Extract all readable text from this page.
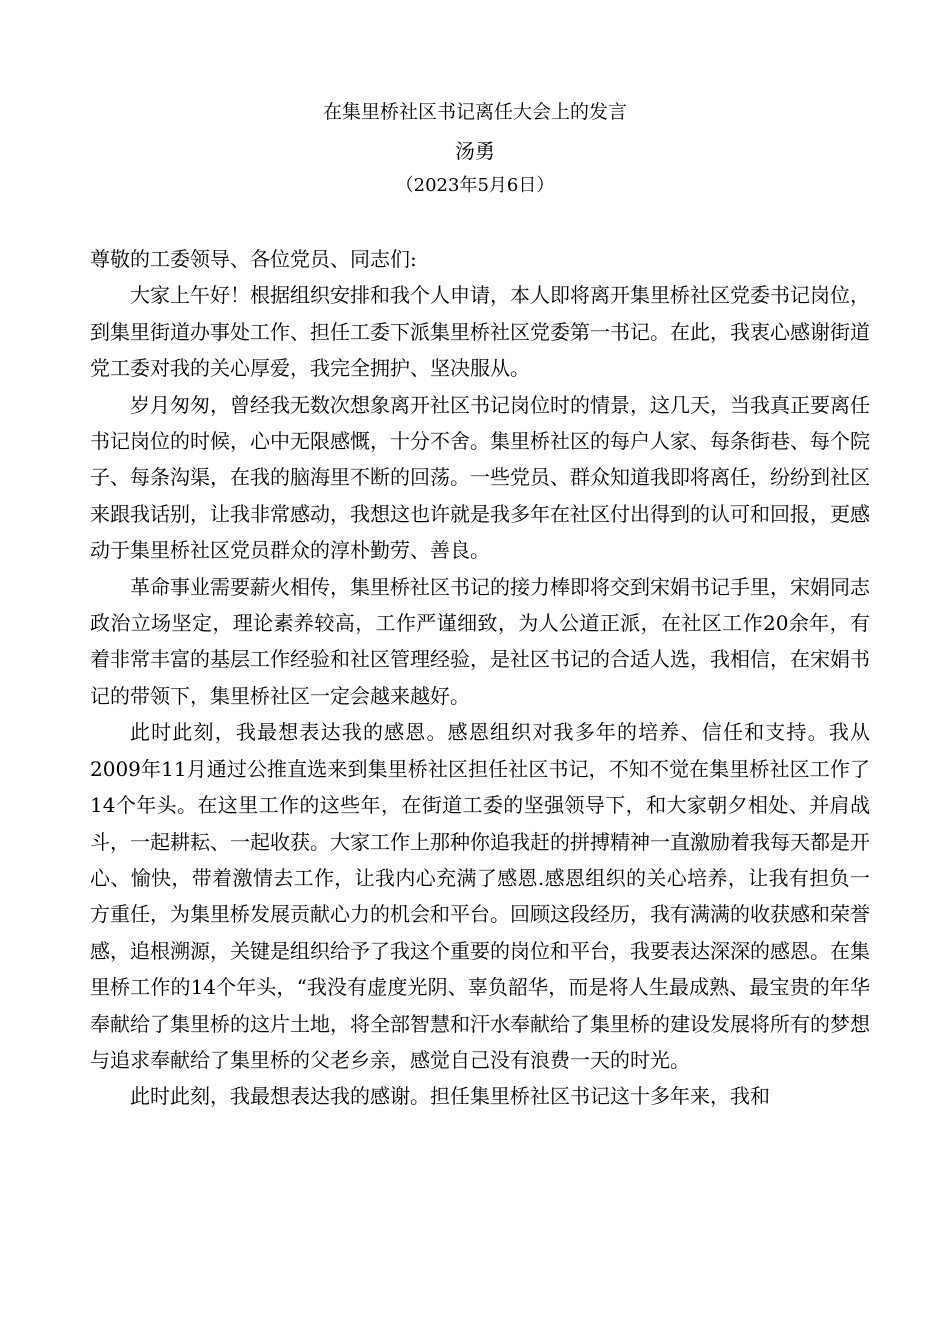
在集里桥社区书记离任大会上的发言
汤勇
（2023年5月6日）

尊敬的工委领导、各位党员、同志们:

大家上午好！根据组织安排和我个人申请，本人即将离开集里桥社区党委书记岗位，到集里街道办事处工作、担任工委下派集里桥社区党委第一书记。在此，我衷心感谢街道党工委对我的关心厚爱，我完全拥护、坚决服从。

岁月匆匆，曾经我无数次想象离开社区书记岗位时的情景，这几天，当我真正要离任书记岗位的时候，心中无限感慨，十分不舍。集里桥社区的每户人家、每条街巷、每个院子、每条沟渠，在我的脑海里不断的回荡。一些党员、群众知道我即将离任，纷纷到社区来跟我话别，让我非常感动，我想这也许就是我多年在社区付出得到的认可和回报，更感动于集里桥社区党员群众的淳朴勤劳、善良。

革命事业需要薪火相传，集里桥社区书记的接力棒即将交到宋娟书记手里，宋娟同志政治立场坚定，理论素养较高，工作严谨细致，为人公道正派，在社区工作20余年，有着非常丰富的基层工作经验和社区管理经验，是社区书记的合适人选，我相信，在宋娟书记的带领下，集里桥社区一定会越来越好。

此时此刻，我最想表达我的感恩。感恩组织对我多年的培养、信任和支持。我从2009年11月通过公推直选来到集里桥社区担任社区书记，不知不觉在集里桥社区工作了14个年头。在这里工作的这些年，在街道工委的坚强领导下，和大家朝夕相处、并肩战斗，一起耕耘、一起收获。大家工作上那种你追我赶的拼搏精神一直激励着我每天都是开心、愉快，带着激情去工作，让我内心充满了感恩.感恩组织的关心培养，让我有担负一方重任，为集里桥发展贡献心力的机会和平台。回顾这段经历，我有满满的收获感和荣誉感，追根溯源，关键是组织给予了我这个重要的岗位和平台，我要表达深深的感恩。在集里桥工作的14个年头，“我没有虚度光阴、辜负韶华，而是将人生最成熟、最宝贵的年华奉献给了集里桥的这片土地，将全部智慧和汗水奉献给了集里桥的建设发展将所有的梦想与追求奉献给了集里桥的父老乡亲，感觉自己没有浪费一天的时光。

此时此刻，我最想表达我的感谢。担任集里桥社区书记这十多年来，我和
